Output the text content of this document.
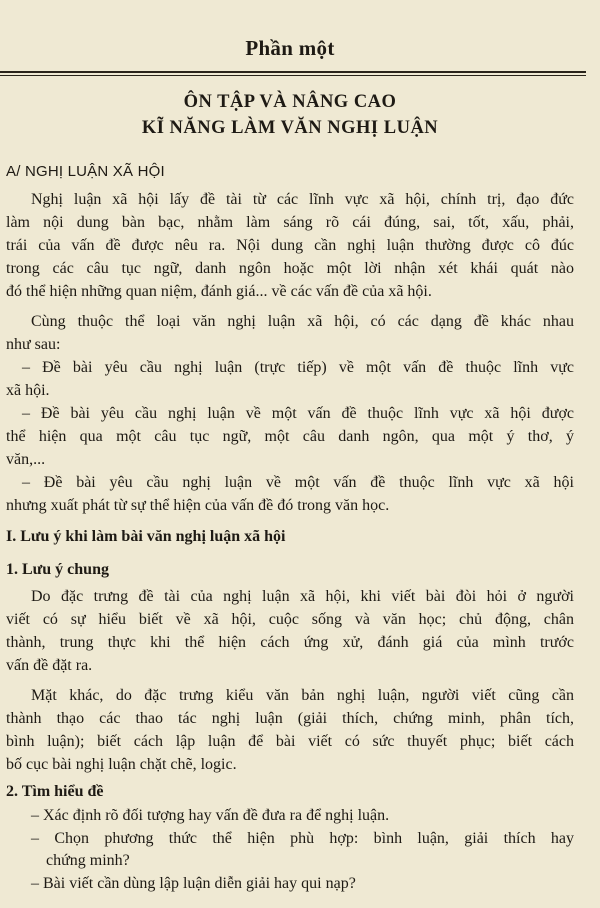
Phần một
ÔN TẬP VÀ NÂNG CAO
KĨ NĂNG LÀM VĂN NGHỊ LUẬN
A/ NGHỊ LUẬN XÃ HỘI
Nghị luận xã hội lấy đề tài từ các lĩnh vực xã hội, chính trị, đạo đức
làm nội dung bàn bạc, nhằm làm sáng rõ cái đúng, sai, tốt, xấu, phải,
trái của vấn đề được nêu ra. Nội dung cần nghị luận thường được cô đúc
trong các câu tục ngữ, danh ngôn hoặc một lời nhận xét khái quát nào
đó thể hiện những quan niệm, đánh giá... về các vấn đề của xã hội.
Cùng thuộc thể loại văn nghị luận xã hội, có các dạng đề khác nhau
như sau:
– Đề bài yêu cầu nghị luận (trực tiếp) về một vấn đề thuộc lĩnh vực
xã hội.
– Đề bài yêu cầu nghị luận về một vấn đề thuộc lĩnh vực xã hội được
thể hiện qua một câu tục ngữ, một câu danh ngôn, qua một ý thơ, ý
văn,...
– Đề bài yêu cầu nghị luận về một vấn đề thuộc lĩnh vực xã hội
nhưng xuất phát từ sự thể hiện của vấn đề đó trong văn học.
I. Lưu ý khi làm bài văn nghị luận xã hội
1. Lưu ý chung
Do đặc trưng đề tài của nghị luận xã hội, khi viết bài đòi hỏi ở người
viết có sự hiểu biết về xã hội, cuộc sống và văn học; chủ động, chân
thành, trung thực khi thể hiện cách ứng xử, đánh giá của mình trước
vấn đề đặt ra.
Mặt khác, do đặc trưng kiểu văn bản nghị luận, người viết cũng cần
thành thạo các thao tác nghị luận (giải thích, chứng minh, phân tích,
bình luận); biết cách lập luận để bài viết có sức thuyết phục; biết cách
bố cục bài nghị luận chặt chẽ, logic.
2. Tìm hiểu đề
– Xác định rõ đối tượng hay vấn đề đưa ra để nghị luận.
– Chọn phương thức thể hiện phù hợp: bình luận, giải thích hay
chứng minh?
– Bài viết cần dùng lập luận diễn giải hay qui nạp?
